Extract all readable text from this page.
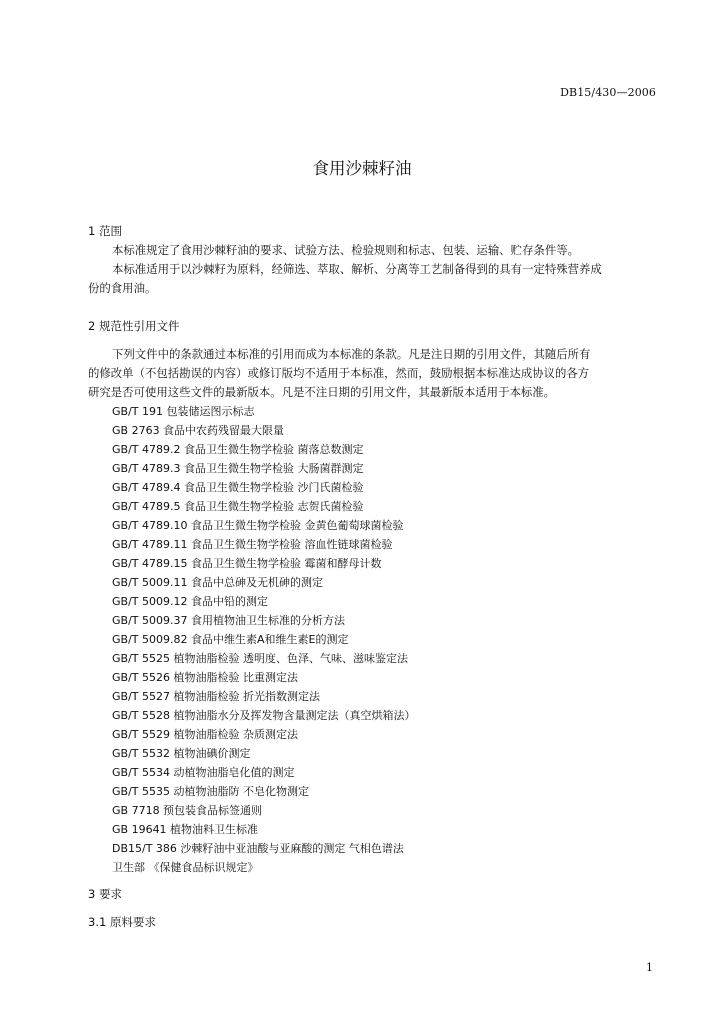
DB15/430—2006
食用沙棘籽油
1 范围
本标准规定了食用沙棘籽油的要求、试验方法、检验规则和标志、包装、运输、贮存条件等。
本标准适用于以沙棘籽为原料，经筛选、萃取、解析、分离等工艺制备得到的具有一定特殊营养成
份的食用油。
2 规范性引用文件
下列文件中的条款通过本标准的引用而成为本标准的条款。凡是注日期的引用文件，其随后所有
的修改单（不包括勘误的内容）或修订版均不适用于本标准，然而，鼓励根据本标准达成协议的各方
研究是否可使用这些文件的最新版本。凡是不注日期的引用文件，其最新版本适用于本标准。
GB/T 191 包装储运图示标志
GB 2763 食品中农药残留最大限量
GB/T 4789.2 食品卫生微生物学检验 菌落总数测定
GB/T 4789.3 食品卫生微生物学检验 大肠菌群测定
GB/T 4789.4 食品卫生微生物学检验 沙门氏菌检验
GB/T 4789.5 食品卫生微生物学检验 志贺氏菌检验
GB/T 4789.10 食品卫生微生物学检验 金黄色葡萄球菌检验
GB/T 4789.11 食品卫生微生物学检验 溶血性链球菌检验
GB/T 4789.15 食品卫生微生物学检验 霉菌和酵母计数
GB/T 5009.11 食品中总砷及无机砷的测定
GB/T 5009.12 食品中铅的测定
GB/T 5009.37 食用植物油卫生标准的分析方法
GB/T 5009.82 食品中维生素A和维生素E的测定
GB/T 5525 植物油脂检验 透明度、色泽、气味、滋味鉴定法
GB/T 5526 植物油脂检验 比重测定法
GB/T 5527 植物油脂检验 折光指数测定法
GB/T 5528 植物油脂水分及挥发物含量测定法（真空烘箱法）
GB/T 5529 植物油脂检验 杂质测定法
GB/T 5532 植物油碘价测定
GB/T 5534 动植物油脂皂化值的测定
GB/T 5535 动植物油脂防 不皂化物测定
GB 7718 预包装食品标签通则
GB 19641 植物油料卫生标准
DB15/T 386 沙棘籽油中亚油酸与亚麻酸的测定 气相色谱法
卫生部 《保健食品标识规定》
3 要求
3.1 原料要求
1
